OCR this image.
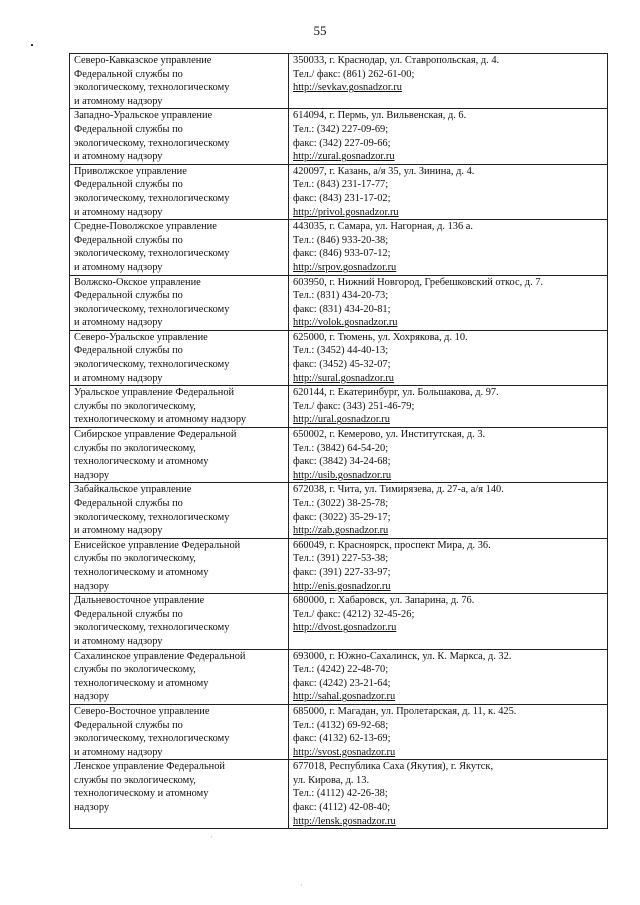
55
Северо-Кавказское управление
Федеральной службы по
экологическому, технологическому
и атомному надзору	350033, г. Краснодар, ул. Ставропольская, д. 4.
Тел./ факс: (861) 262-61-00;
http://sevkav.gosnadzor.ru

Западно-Уральское управление
Федеральной службы по
экологическому, технологическому
и атомному надзору	614094, г. Пермь, ул. Вильвенская, д. 6.
Тел.: (342) 227-09-69;
факс: (342) 227-09-66;
http://zural.gosnadzor.ru

Приволжское управление
Федеральной службы по
экологическому, технологическому
и атомному надзору	420097, г. Казань, а/я 35, ул. Зинина, д. 4.
Тел.: (843) 231-17-77;
факс: (843) 231-17-02;
http://privol.gosnadzor.ru

Средне-Поволжское управление
Федеральной службы по
экологическому, технологическому
и атомному надзору	443035, г. Самара, ул. Нагорная, д. 136 а.
Тел.: (846) 933-20-38;
факс: (846) 933-07-12;
http://srpov.gosnadzor.ru

Волжско-Окское управление
Федеральной службы по
экологическому, технологическому
и атомному надзору	603950, г. Нижний Новгород, Гребешковский откос, д. 7.
Тел.: (831) 434-20-73;
факс: (831) 434-20-81;
http://volok.gosnadzor.ru

Северо-Уральское управление
Федеральной службы по
экологическому, технологическому
и атомному надзору	625000, г. Тюмень, ул. Хохрякова, д. 10.
Тел.: (3452) 44-40-13;
факс: (3452) 45-32-07;
http://sural.gosnadzor.ru

Уральское управление Федеральной
службы по экологическому,
технологическому и атомному надзору	620144, г. Екатеринбург, ул. Большакова, д. 97.
Тел./ факс: (343) 251-46-79;
http://ural.gosnadzor.ru

Сибирское управление Федеральной
службы по экологическому,
технологическому и атомному
надзору	650002, г. Кемерово, ул. Институтская, д. 3.
Тел.: (3842) 64-54-20;
факс: (3842) 34-24-68;
http://usib.gosnadzor.ru

Забайкальское управление
Федеральной службы по
экологическому, технологическому
и атомному надзору	672038, г. Чита, ул. Тимирязева, д. 27-а, а/я 140.
Тел.: (3022) 38-25-78;
факс: (3022) 35-29-17;
http://zab.gosnadzor.ru

Енисейское управление Федеральной
службы по экологическому,
технологическому и атомному
надзору	660049, г. Красноярск, проспект Мира, д. 36.
Тел.: (391) 227-53-38;
факс: (391) 227-33-97;
http://enis.gosnadzor.ru

Дальневосточное управление
Федеральной службы по
экологическому, технологическому
и атомному надзору	680000, г. Хабаровск, ул. Запарина, д. 76.
Тел./ факс: (4212) 32-45-26;
http://dvost.gosnadzor.ru

Сахалинское управление Федеральной
службы по экологическому,
технологическому и атомному
надзору	693000, г. Южно-Сахалинск, ул. К. Маркса, д. 32.
Тел.: (4242) 22-48-70;
факс: (4242) 23-21-64;
http://sahal.gosnadzor.ru

Северо-Восточное управление
Федеральной службы по
экологическому, технологическому
и атомному надзору	685000, г. Магадан, ул. Пролетарская, д. 11, к. 425.
Тел.: (4132) 69-92-68;
факс: (4132) 62-13-69;
http://svost.gosnadzor.ru

Ленское управление Федеральной
службы по экологическому,
технологическому и атомному
надзору	677018, Республика Саха (Якутия), г. Якутск,
ул. Кирова, д. 13.
Тел.: (4112) 42-26-38;
факс: (4112) 42-08-40;
http://lensk.gosnadzor.ru
·
·
